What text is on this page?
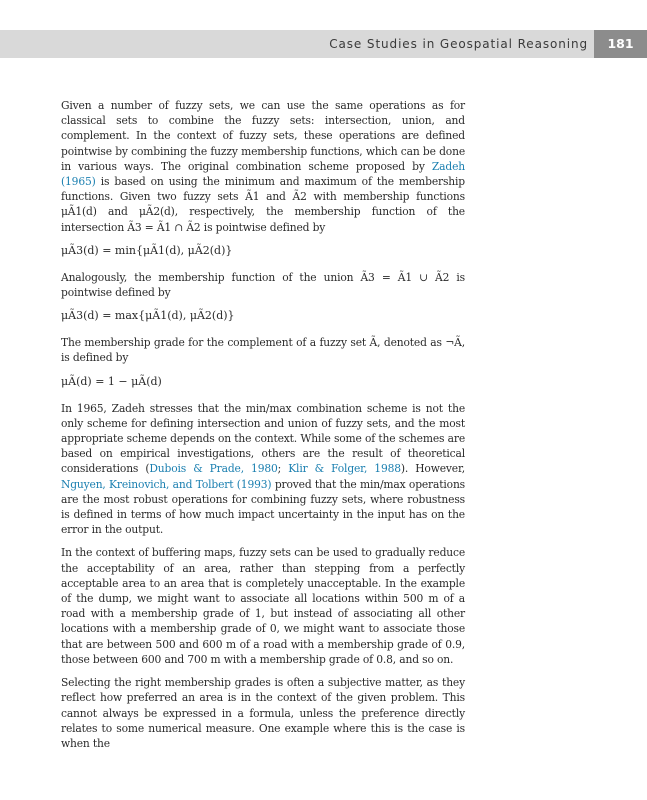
Case Studies in Geospatial Reasoning	181

Given a number of fuzzy sets, we can use the same operations as for classical sets to combine the fuzzy sets: intersection, union, and complement. In the context of fuzzy sets, these operations are defined pointwise by combining the fuzzy membership functions, which can be done in various ways. The original combination scheme proposed by Zadeh (1965) is based on using the minimum and maximum of the membership functions. Given two fuzzy sets Ã1 and Ã2 with membership functions μÃ1(d) and μÃ2(d), respectively, the membership function of the intersection Ã3 = Ã1 ∩ Ã2 is pointwise defined by

μÃ3(d) = min{μÃ1(d), μÃ2(d)}

Analogously, the membership function of the union Ã3 = Ã1 ∪ Ã2 is pointwise defined by

μÃ3(d) = max{μÃ1(d), μÃ2(d)}

The membership grade for the complement of a fuzzy set Ã, denoted as ¬Ã, is defined by

μÃ(d) = 1 − μÃ(d)

In 1965, Zadeh stresses that the min/max combination scheme is not the only scheme for defining intersection and union of fuzzy sets, and the most appropriate scheme depends on the context. While some of the schemes are based on empirical investigations, others are the result of theoretical considerations (Dubois & Prade, 1980; Klir & Folger, 1988). However, Nguyen, Kreinovich, and Tolbert (1993) proved that the min/max operations are the most robust operations for combining fuzzy sets, where robustness is defined in terms of how much impact uncertainty in the input has on the error in the output.

In the context of buffering maps, fuzzy sets can be used to gradually reduce the acceptability of an area, rather than stepping from a perfectly acceptable area to an area that is completely unacceptable. In the example of the dump, we might want to associate all locations within 500 m of a road with a membership grade of 1, but instead of associating all other locations with a membership grade of 0, we might want to associate those that are between 500 and 600 m of a road with a membership grade of 0.9, those between 600 and 700 m with a membership grade of 0.8, and so on.

Selecting the right membership grades is often a subjective matter, as they reflect how preferred an area is in the context of the given problem. This cannot always be expressed in a formula, unless the preference directly relates to some numerical measure. One example where this is the case is when the
